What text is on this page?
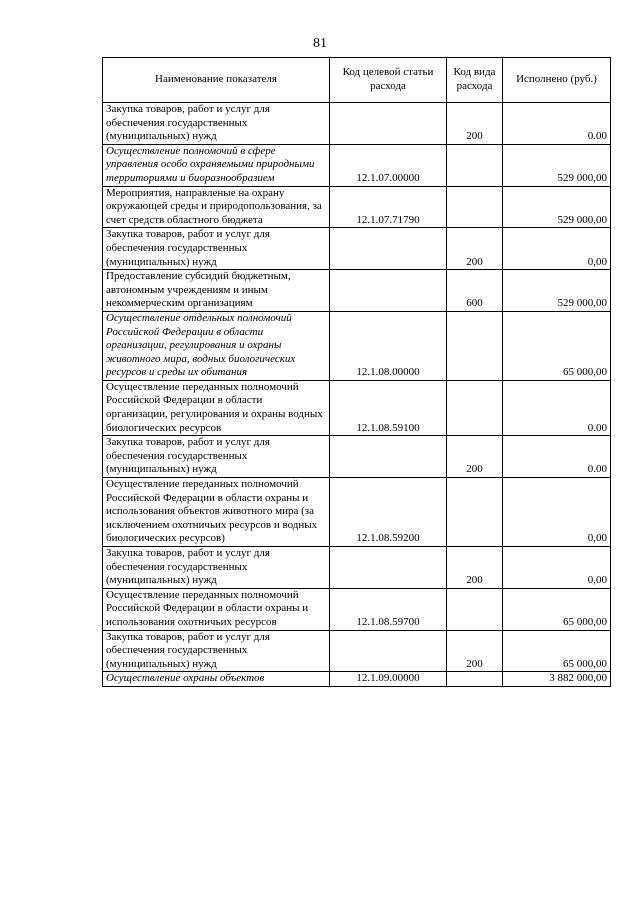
81
Наименование показателя	Код целевой статьи расхода	Код вида расхода	Исполнено (руб.)
Закупка товаров, работ и услуг для обеспечения государственных (муниципальных) нужд		200	0.00
Осуществление полномочий в сфере управления особо охраняемыми природными территориями и биоразнообразием	12.1.07.00000		529 000,00
Мероприятия, направленые на охрану окружающей среды и природопользования, за счет средств областного бюджета	12.1.07.71790		529 000,00
Закупка товаров, работ и услуг для обеспечения государственных (муниципальных) нужд		200	0,00
Предоставление субсидий бюджетным, автономным учреждениям и иным некоммерческим организациям		600	529 000,00
Осуществление отдельных полномочий Российской Федерации в области организации, регулирования и охраны животного мира, водных биологических ресурсов и среды их обитания	12.1.08.00000		65 000,00
Осуществление переданных полномочий Российской Федерации в области организации, регулирования и охраны водных биологических ресурсов	12.1.08.59100		0.00
Закупка товаров, работ и услуг для обеспечения государственных (муниципальных) нужд		200	0.00
Осуществление переданных полномочий Российской Федерации в области охраны и использования объектов животного мира (за исключением охотничьих ресурсов и водных биологических ресурсов)	12.1.08.59200		0,00
Закупка товаров, работ и услуг для обеспечения государственных (муниципальных) нужд		200	0,00
Осуществление переданных полномочий Российской Федерации в области охраны и использования охотничьих ресурсов	12.1.08.59700		65 000,00
Закупка товаров, работ и услуг для обеспечения государственных (муниципальных) нужд		200	65 000,00
Осуществление охраны объектов	12.1.09.00000		3 882 000,00
